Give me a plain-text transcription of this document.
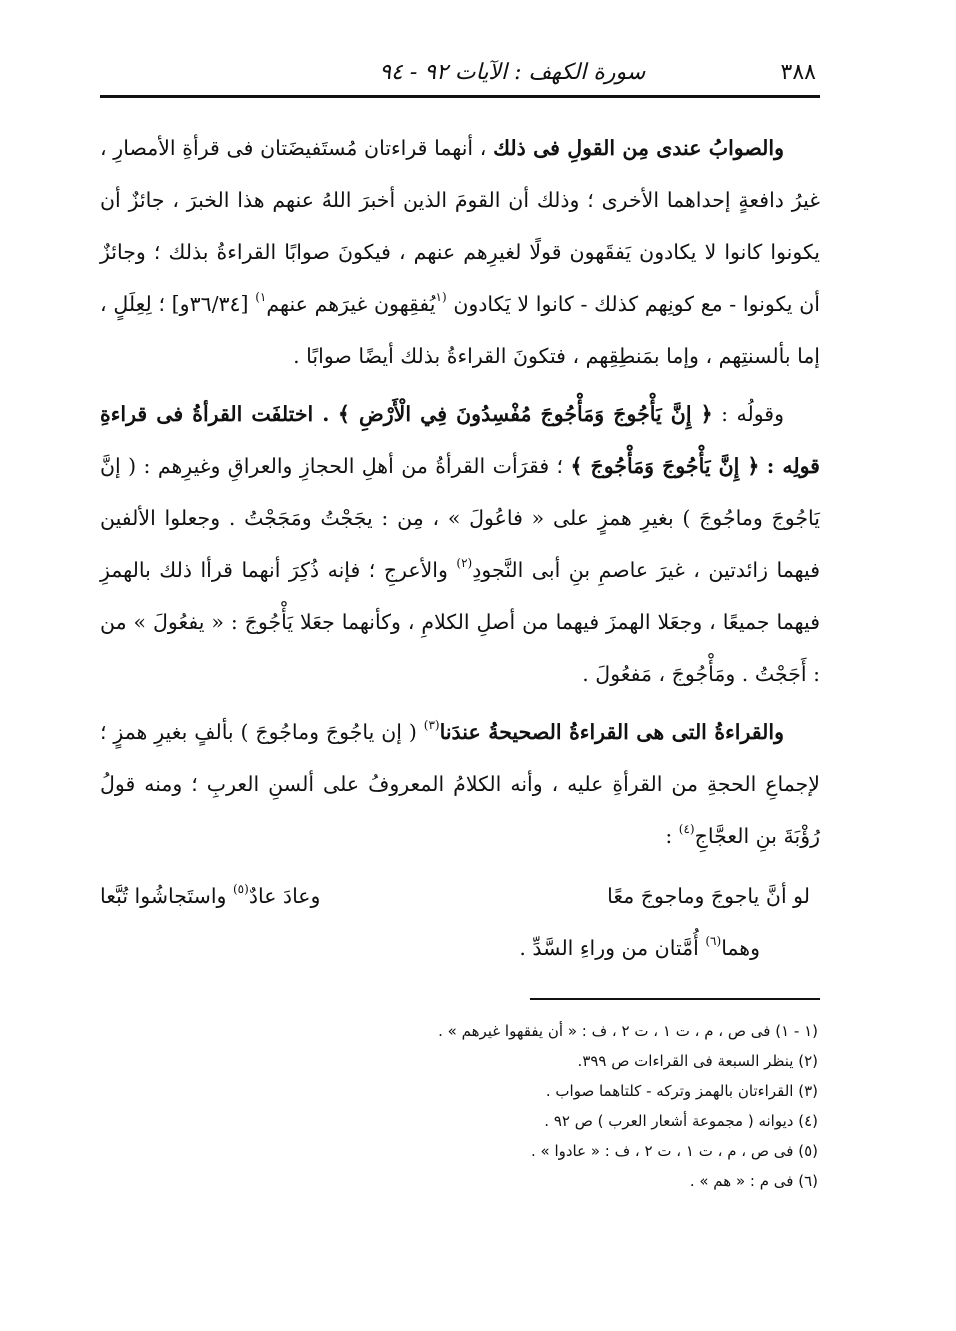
٣٨٨
سورة الكهف : الآيات ٩٢ - ٩٤

والصوابُ عندى مِن القولِ فى ذلك ، أنهما قراءتان مُستَفيضَتان فى قرأةِ الأمصارِ ، غيرُ دافعةٍ إحداهما الأخرى ؛ وذلك أن القومَ الذين أخبرَ اللهُ عنهم هذا الخبرَ ، جائزٌ أن يكونوا كانوا لا يكادون يَفقَهون قولًا لغيرِهم عنهم ، فيكونَ صوابًا القراءةُ بذلك ؛ وجائزٌ أن يكونوا - مع كونِهم كذلك - كانوا لا يَكادون $^{(١}$يُفقِهون غيرَهم عنهم$^{١)}$ [٣٦/٣٤و] ؛ لِعِلَلٍ ، إما بألسنتِهم ، وإما بمَنطِقِهم ، فتكونَ القراءةُ بذلك أيضًا صوابًا .

وقولُه : ﴿ إِنَّ يَأْجُوجَ وَمَأْجُوجَ مُفْسِدُونَ فِي الْأَرْضِ ﴾ . اختلفَت القرأةُ فى قراءةِ قولِه : ﴿ إِنَّ يَأْجُوجَ وَمَأْجُوجَ ﴾ ؛ فقرَأت القرأةُ من أهلِ الحجازِ والعراقِ وغيرِهم : ( إنَّ يَاجُوجَ وماجُوجَ ) بغيرِ همزٍ على « فاعُولَ » ، مِن : يجَجْتُ ومَجَجْتُ . وجعلوا الألفين فيهما زائدتين ، غيرَ عاصمِ بنِ أبى النَّجودِ$^{(٢)}$ والأعرجِ ؛ فإنه ذُكِرَ أنهما قرأا ذلك بالهمزِ فيهما جميعًا ، وجعَلا الهمزَ فيهما من أصلِ الكلامِ ، وكأنهما جعَلا يَأْجُوجَ : « يفعُولَ » من : أَجَجْتُ . ومَأْجُوجَ ، مَفعُولَ .

والقراءةُ التى هى القراءةُ الصحيحةُ عندَنا$^{(٣)}$ ( إن ياجُوجَ وماجُوجَ ) بألفٍ بغيرِ همزٍ ؛ لإجماعِ الحجةِ من القرأةِ عليه ، وأنه الكلامُ المعروفُ على ألسنِ العربِ ؛ ومنه قولُ رُؤْبَةَ بنِ العجَّاجِ$^{(٤)}$ :

لو أنَّ ياجوجَ وماجوجَ معًا
وعادَ عادٌ$^{(٥)}$ واستَجاشُوا تُبَّعا
وهما$^{(٦)}$ أُمَّتان من وراءِ السَّدِّ .
(١ - ١) فى ص ، م ، ت ١ ، ت ٢ ، ف : « أن يفقهوا غيرهم » .
(٢) ينظر السبعة فى القراءات ص ٣٩٩.
(٣) القراءتان بالهمز وتركه - كلتاهما صواب .
(٤) ديوانه ( مجموعة أشعار العرب ) ص ٩٢ .
(٥) فى ص ، م ، ت ١ ، ت ٢ ، ف : « عادوا » .
(٦) فى م : « هم » .
